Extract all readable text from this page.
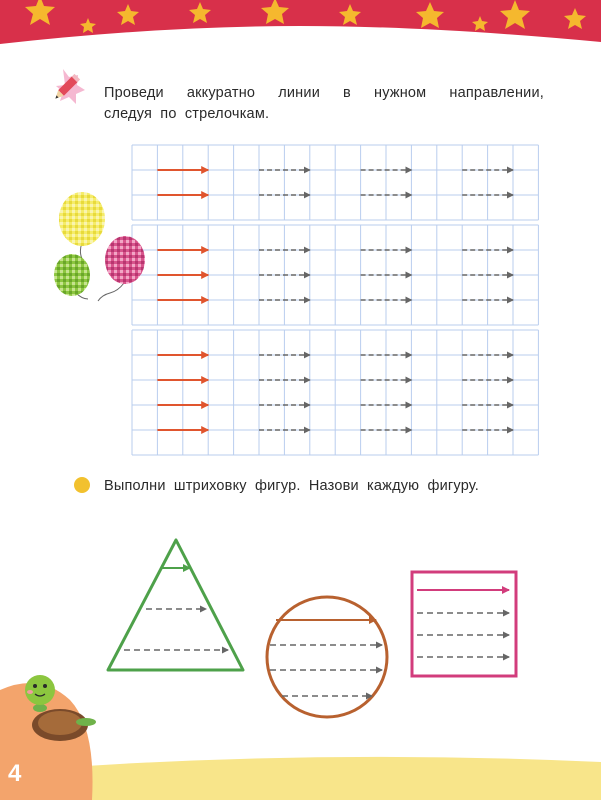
Проведи аккуратно линии в нужном направлении,
следуя по стрелочкам.
Выполни штриховку фигур. Назови каждую фигуру.
4
